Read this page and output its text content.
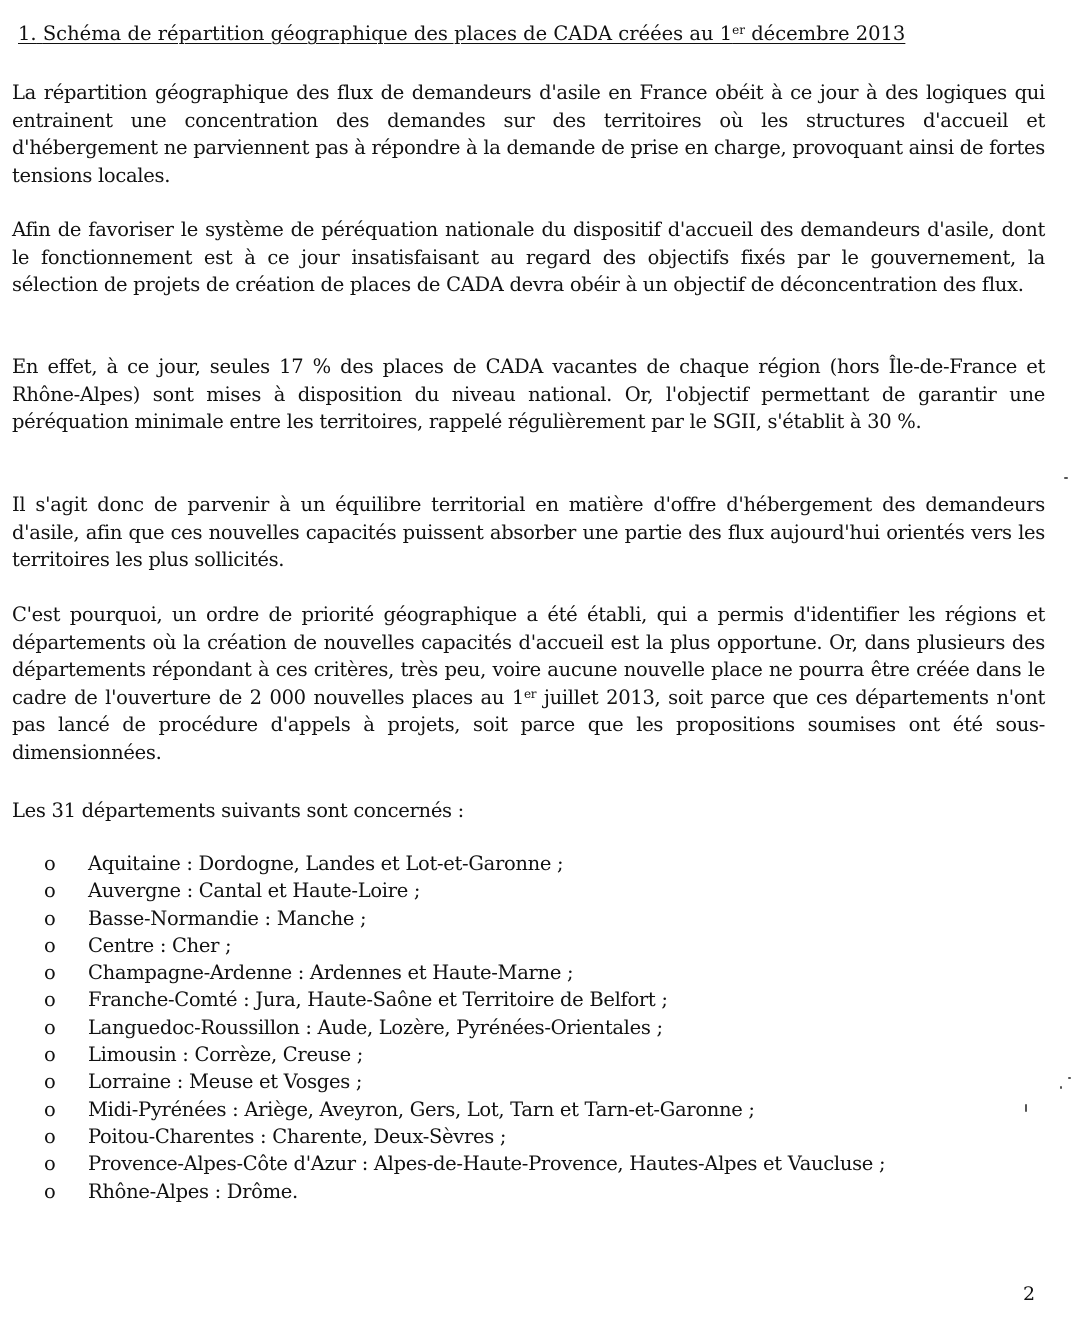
1. Schéma de répartition géographique des places de CADA créées au 1er décembre 2013

La répartition géographique des flux de demandeurs d'asile en France obéit à ce jour à des logiques qui entrainent une concentration des demandes sur des territoires où les structures d'accueil et d'hébergement ne parviennent pas à répondre à la demande de prise en charge, provoquant ainsi de fortes tensions locales.

Afin de favoriser le système de péréquation nationale du dispositif d'accueil des demandeurs d'asile, dont le fonctionnement est à ce jour insatisfaisant au regard des objectifs fixés par le gouvernement, la sélection de projets de création de places de CADA devra obéir à un objectif de déconcentration des flux.

En effet, à ce jour, seules 17 % des places de CADA vacantes de chaque région (hors Île-de-France et Rhône-Alpes) sont mises à disposition du niveau national. Or, l'objectif permettant de garantir une péréquation minimale entre les territoires, rappelé régulièrement par le SGII, s'établit à 30 %.

Il s'agit donc de parvenir à un équilibre territorial en matière d'offre d'hébergement des demandeurs d'asile, afin que ces nouvelles capacités puissent absorber une partie des flux aujourd'hui orientés vers les territoires les plus sollicités.

C'est pourquoi, un ordre de priorité géographique a été établi, qui a permis d'identifier les régions et départements où la création de nouvelles capacités d'accueil est la plus opportune. Or, dans plusieurs des départements répondant à ces critères, très peu, voire aucune nouvelle place ne pourra être créée dans le cadre de l'ouverture de 2 000 nouvelles places au 1er juillet 2013, soit parce que ces départements n'ont pas lancé de procédure d'appels à projets, soit parce que les propositions soumises ont été sous-dimensionnées.

Les 31 départements suivants sont concernés :

o Aquitaine : Dordogne, Landes et Lot-et-Garonne ;
o Auvergne : Cantal et Haute-Loire ;
o Basse-Normandie : Manche ;
o Centre : Cher ;
o Champagne-Ardenne : Ardennes et Haute-Marne ;
o Franche-Comté : Jura, Haute-Saône et Territoire de Belfort ;
o Languedoc-Roussillon : Aude, Lozère, Pyrénées-Orientales ;
o Limousin : Corrèze, Creuse ;
o Lorraine : Meuse et Vosges ;
o Midi-Pyrénées : Ariège, Aveyron, Gers, Lot, Tarn et Tarn-et-Garonne ;
o Poitou-Charentes : Charente, Deux-Sèvres ;
o Provence-Alpes-Côte d'Azur : Alpes-de-Haute-Provence, Hautes-Alpes et Vaucluse ;
o Rhône-Alpes : Drôme.
2
